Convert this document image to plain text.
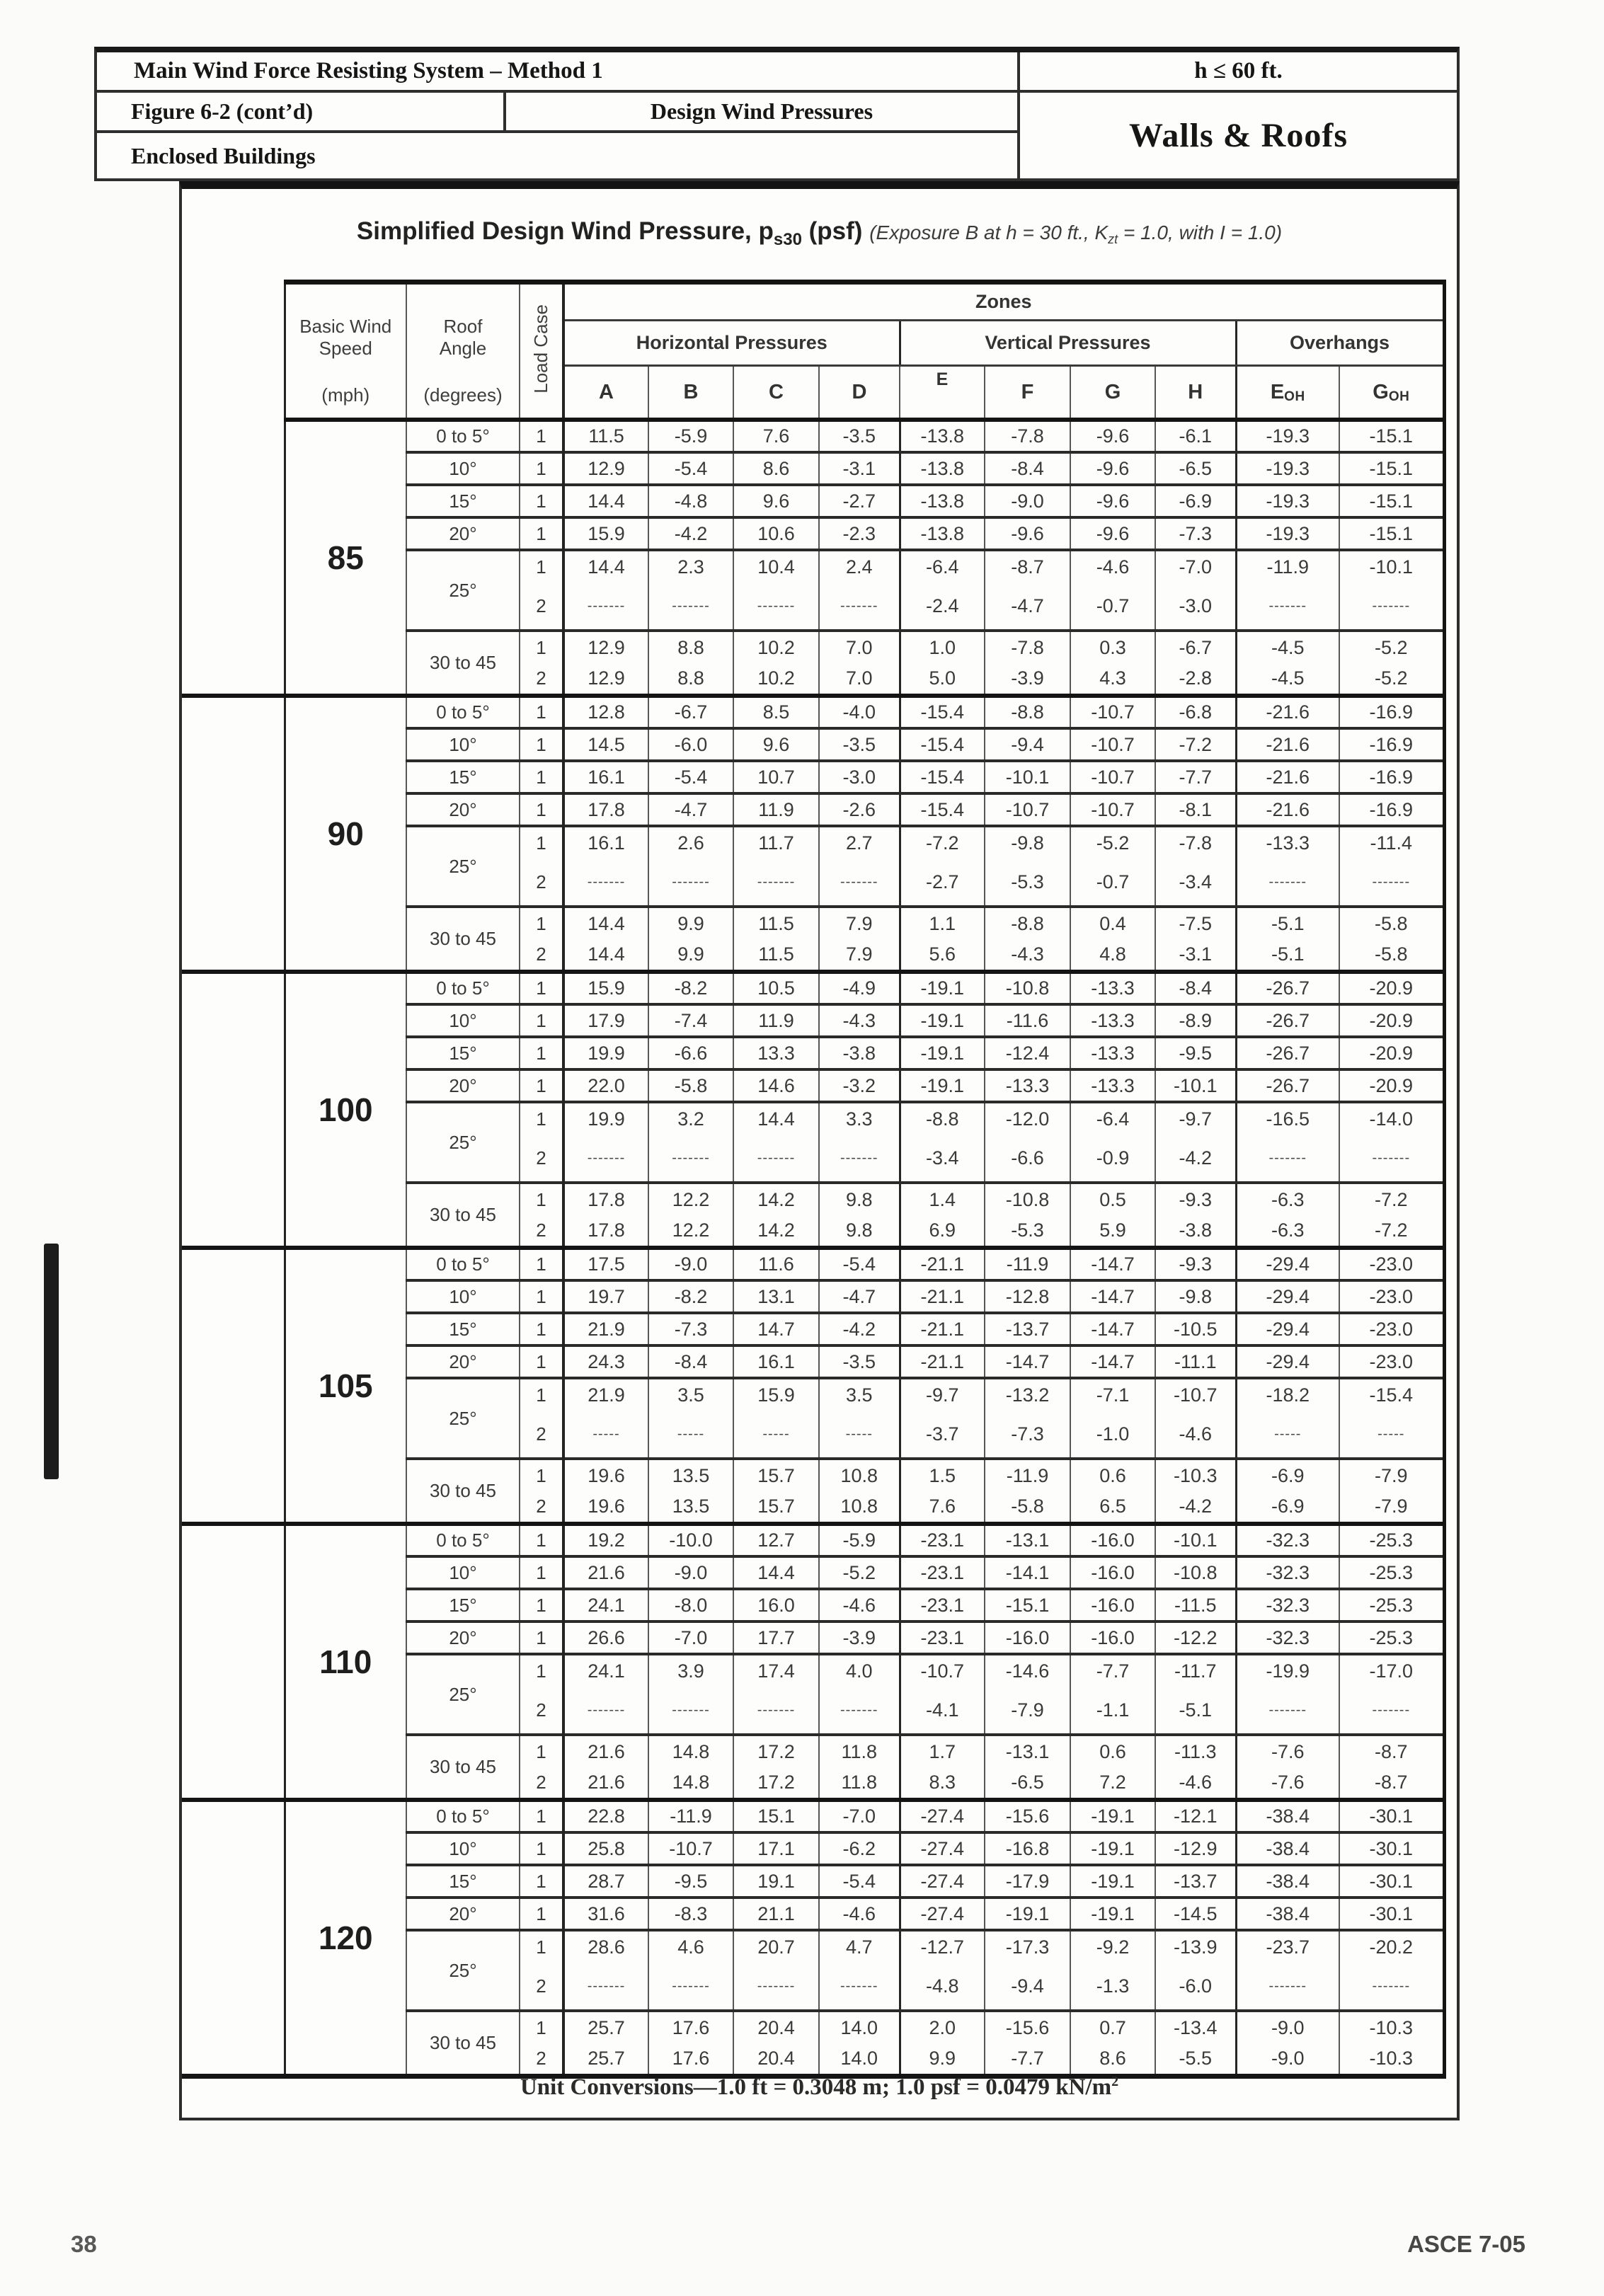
Main Wind Force Resisting System – Method 1	h ≤ 60 ft.
Figure 6-2 (cont’d)	Design Wind Pressures
Walls & Roofs
Enclosed Buildings
Simplified Design Wind Pressure, $p_{s30}$ (psf) (Exposure B at h = 30 ft., $K_{zt} = 1.0$, with I = 1.0)

	Basic Wind
Speed
(mph)	Roof
Angle
(degrees)	Load Case	Zones									
				Horizontal Pressures				Vertical Pressures				Overhangs	
				A	B	C	D	E	F	G	H	EOH	GOH
	85	0 to 5°	1	11.5	-5.9	7.6	-3.5	-13.8	-7.8	-9.6	-6.1	-19.3	-15.1
		10°	1	12.9	-5.4	8.6	-3.1	-13.8	-8.4	-9.6	-6.5	-19.3	-15.1
		15°	1	14.4	-4.8	9.6	-2.7	-13.8	-9.0	-9.6	-6.9	-19.3	-15.1
		20°	1	15.9	-4.2	10.6	-2.3	-13.8	-9.6	-9.6	-7.3	-19.3	-15.1
		25°	1	14.4	2.3	10.4	2.4	-6.4	-8.7	-4.6	-7.0	-11.9	-10.1
			2	-------	-------	-------	-------	-2.4	-4.7	-0.7	-3.0	-------	-------
		30 to 45	1	12.9	8.8	10.2	7.0	1.0	-7.8	0.3	-6.7	-4.5	-5.2
			2	12.9	8.8	10.2	7.0	5.0	-3.9	4.3	-2.8	-4.5	-5.2
	90	0 to 5°	1	12.8	-6.7	8.5	-4.0	-15.4	-8.8	-10.7	-6.8	-21.6	-16.9
		10°	1	14.5	-6.0	9.6	-3.5	-15.4	-9.4	-10.7	-7.2	-21.6	-16.9
		15°	1	16.1	-5.4	10.7	-3.0	-15.4	-10.1	-10.7	-7.7	-21.6	-16.9
		20°	1	17.8	-4.7	11.9	-2.6	-15.4	-10.7	-10.7	-8.1	-21.6	-16.9
		25°	1	16.1	2.6	11.7	2.7	-7.2	-9.8	-5.2	-7.8	-13.3	-11.4
			2	-------	-------	-------	-------	-2.7	-5.3	-0.7	-3.4	-------	-------
		30 to 45	1	14.4	9.9	11.5	7.9	1.1	-8.8	0.4	-7.5	-5.1	-5.8
			2	14.4	9.9	11.5	7.9	5.6	-4.3	4.8	-3.1	-5.1	-5.8
	100	0 to 5°	1	15.9	-8.2	10.5	-4.9	-19.1	-10.8	-13.3	-8.4	-26.7	-20.9
		10°	1	17.9	-7.4	11.9	-4.3	-19.1	-11.6	-13.3	-8.9	-26.7	-20.9
		15°	1	19.9	-6.6	13.3	-3.8	-19.1	-12.4	-13.3	-9.5	-26.7	-20.9
		20°	1	22.0	-5.8	14.6	-3.2	-19.1	-13.3	-13.3	-10.1	-26.7	-20.9
		25°	1	19.9	3.2	14.4	3.3	-8.8	-12.0	-6.4	-9.7	-16.5	-14.0
			2	-------	-------	-------	-------	-3.4	-6.6	-0.9	-4.2	-------	-------
		30 to 45	1	17.8	12.2	14.2	9.8	1.4	-10.8	0.5	-9.3	-6.3	-7.2
			2	17.8	12.2	14.2	9.8	6.9	-5.3	5.9	-3.8	-6.3	-7.2
	105	0 to 5°	1	17.5	-9.0	11.6	-5.4	-21.1	-11.9	-14.7	-9.3	-29.4	-23.0
		10°	1	19.7	-8.2	13.1	-4.7	-21.1	-12.8	-14.7	-9.8	-29.4	-23.0
		15°	1	21.9	-7.3	14.7	-4.2	-21.1	-13.7	-14.7	-10.5	-29.4	-23.0
		20°	1	24.3	-8.4	16.1	-3.5	-21.1	-14.7	-14.7	-11.1	-29.4	-23.0
		25°	1	21.9	3.5	15.9	3.5	-9.7	-13.2	-7.1	-10.7	-18.2	-15.4
			2	-----	-----	-----	-----	-3.7	-7.3	-1.0	-4.6	-----	-----
		30 to 45	1	19.6	13.5	15.7	10.8	1.5	-11.9	0.6	-10.3	-6.9	-7.9
			2	19.6	13.5	15.7	10.8	7.6	-5.8	6.5	-4.2	-6.9	-7.9
	110	0 to 5°	1	19.2	-10.0	12.7	-5.9	-23.1	-13.1	-16.0	-10.1	-32.3	-25.3
		10°	1	21.6	-9.0	14.4	-5.2	-23.1	-14.1	-16.0	-10.8	-32.3	-25.3
		15°	1	24.1	-8.0	16.0	-4.6	-23.1	-15.1	-16.0	-11.5	-32.3	-25.3
		20°	1	26.6	-7.0	17.7	-3.9	-23.1	-16.0	-16.0	-12.2	-32.3	-25.3
		25°	1	24.1	3.9	17.4	4.0	-10.7	-14.6	-7.7	-11.7	-19.9	-17.0
			2	-------	-------	-------	-------	-4.1	-7.9	-1.1	-5.1	-------	-------
		30 to 45	1	21.6	14.8	17.2	11.8	1.7	-13.1	0.6	-11.3	-7.6	-8.7
			2	21.6	14.8	17.2	11.8	8.3	-6.5	7.2	-4.6	-7.6	-8.7
	120	0 to 5°	1	22.8	-11.9	15.1	-7.0	-27.4	-15.6	-19.1	-12.1	-38.4	-30.1
		10°	1	25.8	-10.7	17.1	-6.2	-27.4	-16.8	-19.1	-12.9	-38.4	-30.1
		15°	1	28.7	-9.5	19.1	-5.4	-27.4	-17.9	-19.1	-13.7	-38.4	-30.1
		20°	1	31.6	-8.3	21.1	-4.6	-27.4	-19.1	-19.1	-14.5	-38.4	-30.1
		25°	1	28.6	4.6	20.7	4.7	-12.7	-17.3	-9.2	-13.9	-23.7	-20.2
			2	-------	-------	-------	-------	-4.8	-9.4	-1.3	-6.0	-------	-------
		30 to 45	1	25.7	17.6	20.4	14.0	2.0	-15.6	0.7	-13.4	-9.0	-10.3
			2	25.7	17.6	20.4	14.0	9.9	-7.7	8.6	-5.5	-9.0	-10.3
Unit Conversions—1.0 ft = 0.3048 m; 1.0 psf = 0.0479 $kN/m^2$
38	ASCE 7-05
